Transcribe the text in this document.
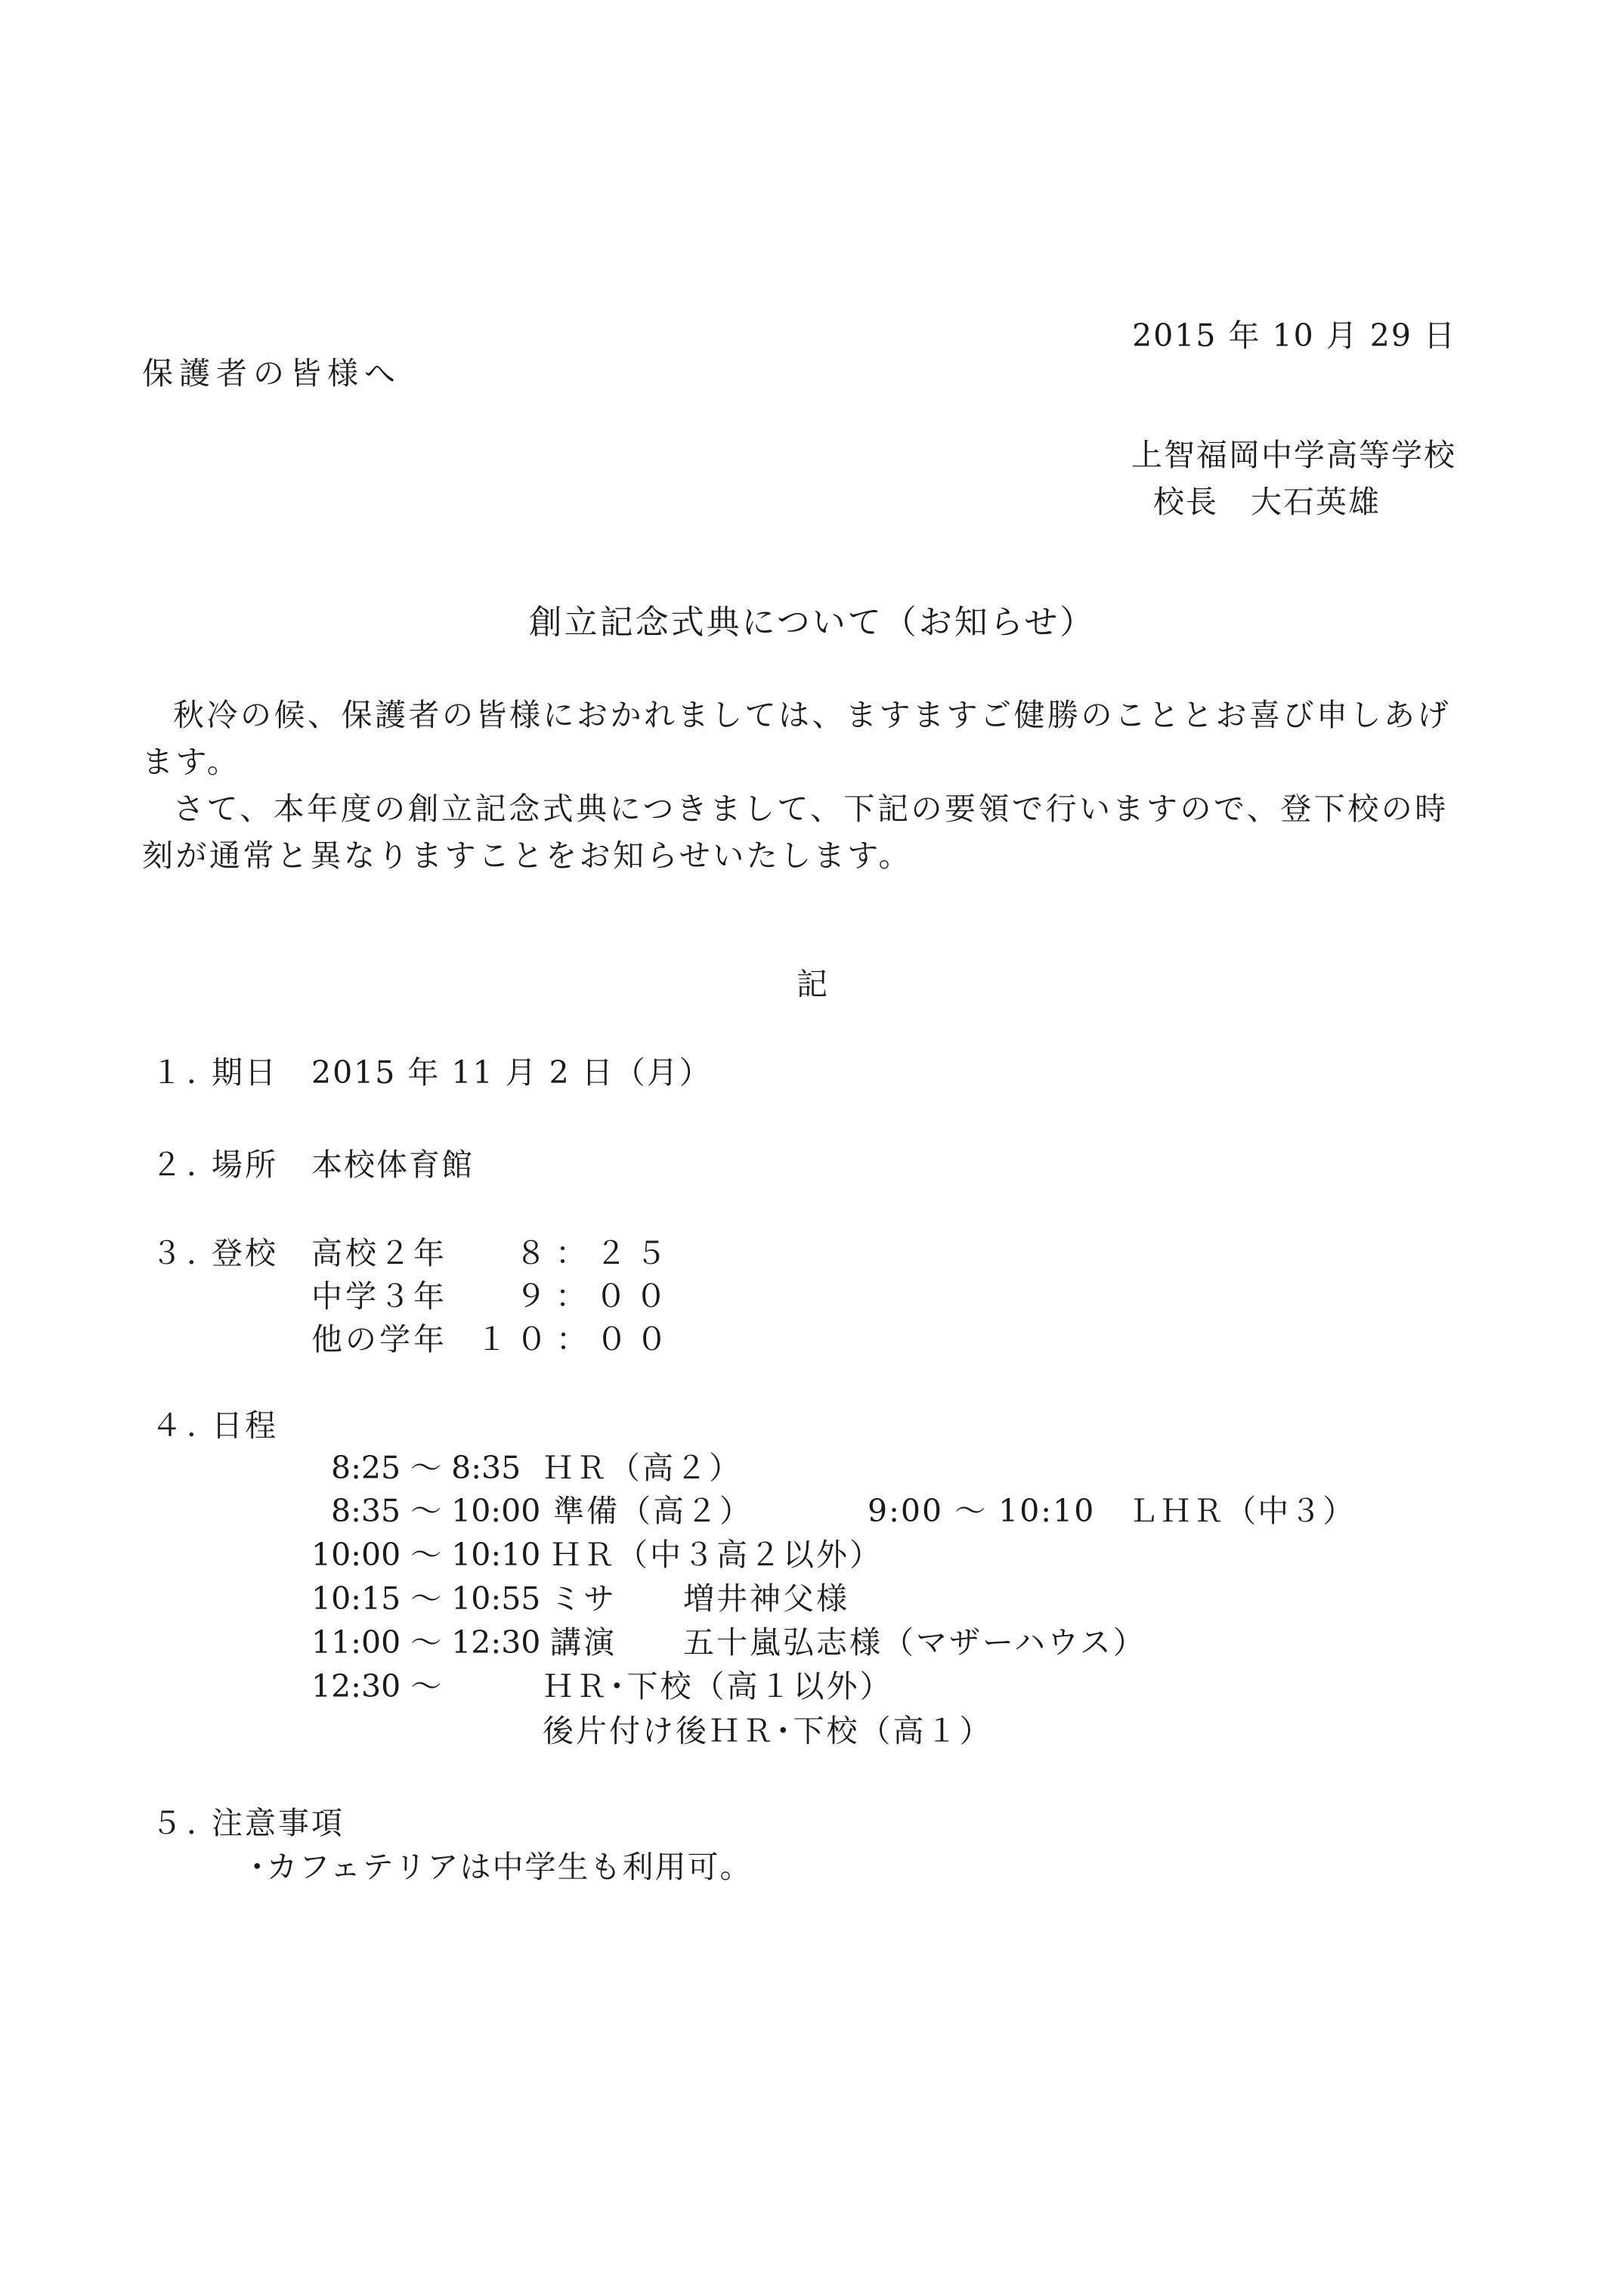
2015 年 10 月 29 日
保護者の皆様へ
上智福岡中学高等学校
校長　大石英雄
創立記念式典について（お知らせ）

秋冷の候、保護者の皆様におかれましては、ますますご健勝のこととお喜び申しあげます。

さて、本年度の創立記念式典につきまして、下記の要領で行いますので、登下校の時刻が通常と異なりますことをお知らせいたします。

記
１．
期日 2015 年 11 月 2 日（月）
２．
場所 本校体育館
３．
登校 高校２年 ８：２５
中学３年 ９：００
他の学年 １０：００
４．
日程
8:25 ～ 8:35 ＨＲ（高２）
8:35 ～ 10:00 準備（高２）	9:00 ～ 10:10　ＬＨＲ（中３）
10:00 ～ 10:10 ＨＲ（中３高２以外）
10:15 ～ 10:55 ミサ　　増井神父様
11:00 ～ 12:30 講演　　五十嵐弘志様（マザーハウス）
12:30 ～	ＨＲ･下校（高１以外）
後片付け後ＨＲ･下校（高１）
５．
注意事項
･カフェテリアは中学生も利用可。
